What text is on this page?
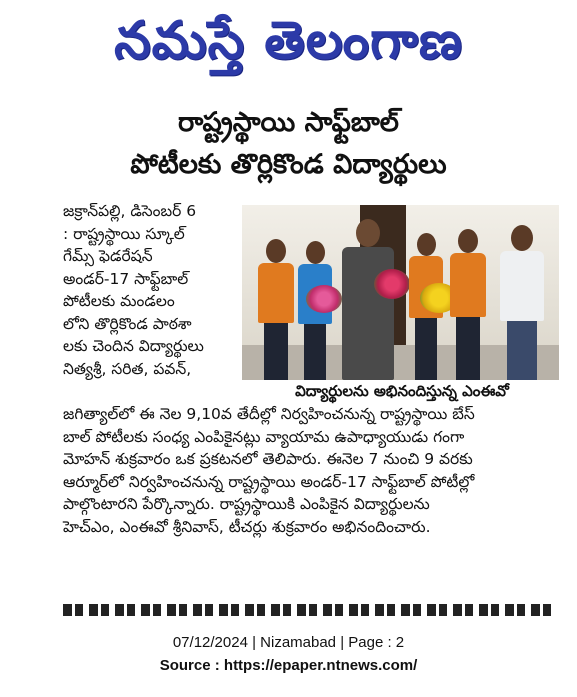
నమస్తే తెలంగాణ
రాష్ట్రస్థాయి సాఫ్ట్‌బాల్
పోటీలకు తొర్లికొండ విద్యార్థులు

జక్రాన్‌పల్లి, డిసెంబర్ 6

: రాష్ట్రస్థాయి స్కూల్

గేమ్స్ ఫెడరేషన్

అండర్-17 సాఫ్ట్‌బాల్

పోటీలకు మండలం

లోని తొర్లికొండ పాఠశా

లకు చెందిన విద్యార్థులు

నిత్యశ్రీ, సరిత, పవన్,

విద్యార్థులను అభినందిస్తున్న ఎంఈవో

జగిత్యాల్‌లో ఈ నెల 9,10వ తేదీల్లో నిర్వహించనున్న రాష్ట్రస్థాయి బేస్

బాల్ పోటీలకు సంధ్య ఎంపికైనట్లు వ్యాయామ ఉపాధ్యాయుడు గంగా

మోహన్ శుక్రవారం ఒక ప్రకటనలో తెలిపారు. ఈనెల 7 నుంచి 9 వరకు

ఆర్మూర్‌లో నిర్వహించనున్న రాష్ట్రస్థాయి అండర్-17 సాఫ్ట్‌బాల్ పోటీల్లో

పాల్గొంటారని పేర్కొన్నారు. రాష్ట్రస్థాయికి ఎంపికైన విద్యార్థులను

హెచ్‌ఎం, ఎంఈవో శ్రీనివాస్, టీచర్లు శుక్రవారం అభినందించారు.

07/12/2024 | Nizamabad | Page : 2
Source : https://epaper.ntnews.com/
